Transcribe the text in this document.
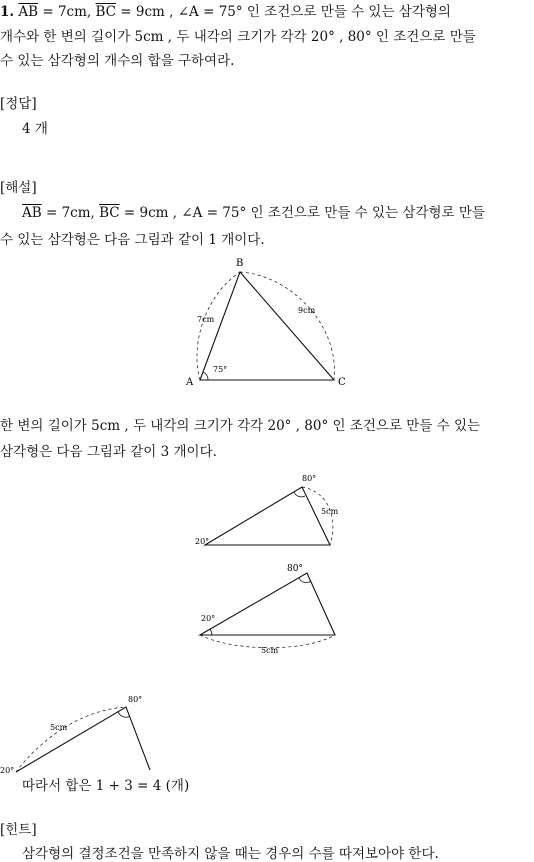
1. $\overline{AB} = 7cm$, $\overline{BC} = 9cm$ , ∠A = 75° 인 조건으로 만들 수 있는 삼각형의
개수와 한 변의 길이가 5cm , 두 내각의 크기가 각각 20° , 80° 인 조건으로 만들
수 있는 삼각형의 개수의 합을 구하여라.
[정답]
4 개
[해설]
$\overline{AB} = 7cm$, $\overline{BC} = 9cm$ , ∠A = 75° 인 조건으로 만들 수 있는 삼각형로 만들
수 있는 삼각형은 다음 그림과 같이 1 개이다.
B
A	C
7cm
9cm
75°
한 변의 길이가 5cm , 두 내각의 크기가 각각 20° , 80° 인 조건으로 만들 수 있는
삼각형은 다음 그림과 같이 3 개이다.
80°
20°
5cm
80°
20°
5cm
80°
20°
5cm
따라서 합은 1 + 3 = 4 (개)
[힌트]
삼각형의 결정조건을 만족하지 않을 때는 경우의 수를 따져보아야 한다.
